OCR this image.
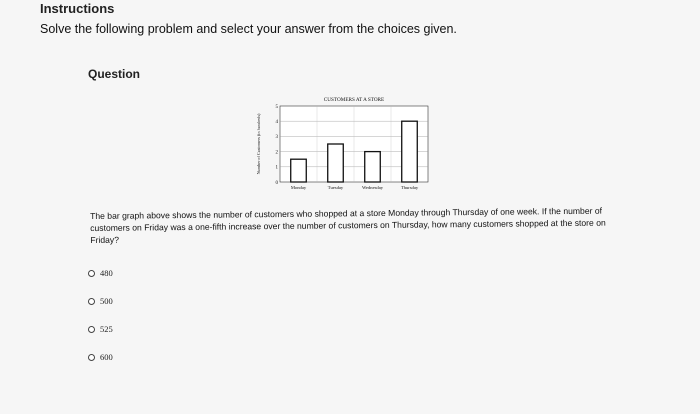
Instructions
Solve the following problem and select your answer from the choices given.
Question
CUSTOMERS AT A STORE
0
1
2
3
4
5
Number of Customers (in hundreds)
Monday	Tuesday	Wednesday	Thursday
The bar graph above shows the number of customers who shopped at a store Monday through Thursday of one week. If the number of customers on Friday was a one-fifth increase over the number of customers on Thursday, how many customers shopped at the store on Friday?
480
500
525
600
